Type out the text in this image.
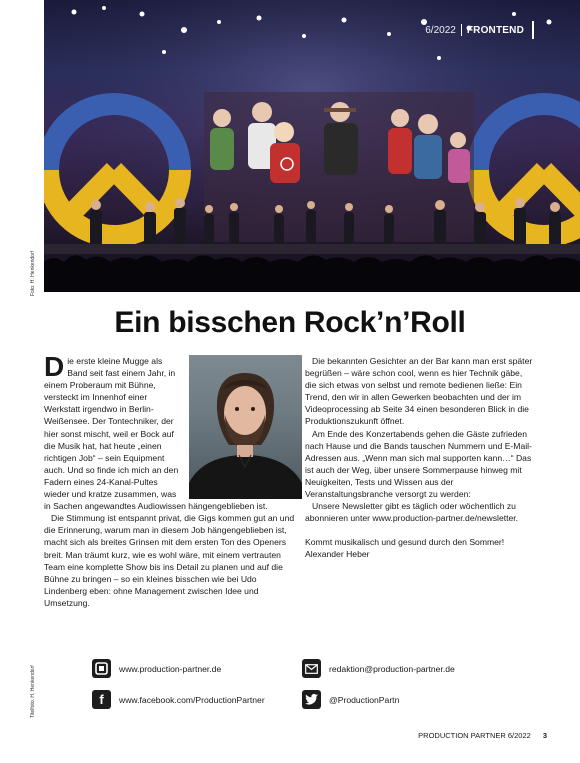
6/2022 FRONTEND
Foto: H. Henkendorf
Ein bisschen Rock’n’Roll

Die erste kleine Mugge als Band seit fast einem Jahr, in einem Proberaum mit Bühne, versteckt im Innenhof einer Werkstatt irgendwo in Berlin-Weißensee. Der Tontechniker, der hier sonst mischt, weil er Bock auf die Musik hat, hat heute „einen richtigen Job“ – sein Equipment auch. Und so finde ich mich an den Fadern eines 24-Kanal-Pultes wieder und kratze zusammen, was in Sachen angewandtes Audiowissen hängengeblieben ist.

Die Stimmung ist entspannt privat, die Gigs kommen gut an und die Erinnerung, warum man in diesem Job hängengeblieben ist, macht sich als breites Grinsen mit dem ersten Ton des Openers breit. Man träumt kurz, wie es wohl wäre, mit einem vertrauten Team eine komplette Show bis ins Detail zu planen und auf die Bühne zu bringen – so ein kleines bisschen wie bei Udo Lindenberg eben: ohne Management zwischen Idee und Umsetzung.

Die bekannten Gesichter an der Bar kann man erst später begrüßen – wäre schon cool, wenn es hier Technik gäbe, die sich etwas von selbst und remote bedienen ließe: Ein Trend, den wir in allen Gewerken beobachten und der im Videoprocessing ab Seite 34 einen besonderen Blick in die Produktionszukunft öffnet.

Am Ende des Konzertabends gehen die Gäste zufrieden nach Hause und die Bands tauschen Nummern und E-Mail-Adressen aus. „Wenn man sich mal supporten kann…“ Das ist auch der Weg, über unsere Sommerpause hinweg mit Neuigkeiten, Tests und Wissen aus der Veranstaltungsbranche versorgt zu werden:

Unsere Newsletter gibt es täglich oder wöchentlich zu abonnieren unter www.production-partner.de/newsletter.

Kommt musikalisch und gesund durch den Sommer!

Alexander Heber

Titelfoto: H. Henkendorf	www.production-partner.de	redaktion@production-partner.de
f	www.facebook.com/ProductionPartner	@ProductionPartn
PRODUCTION PARTNER 6/2022 3
